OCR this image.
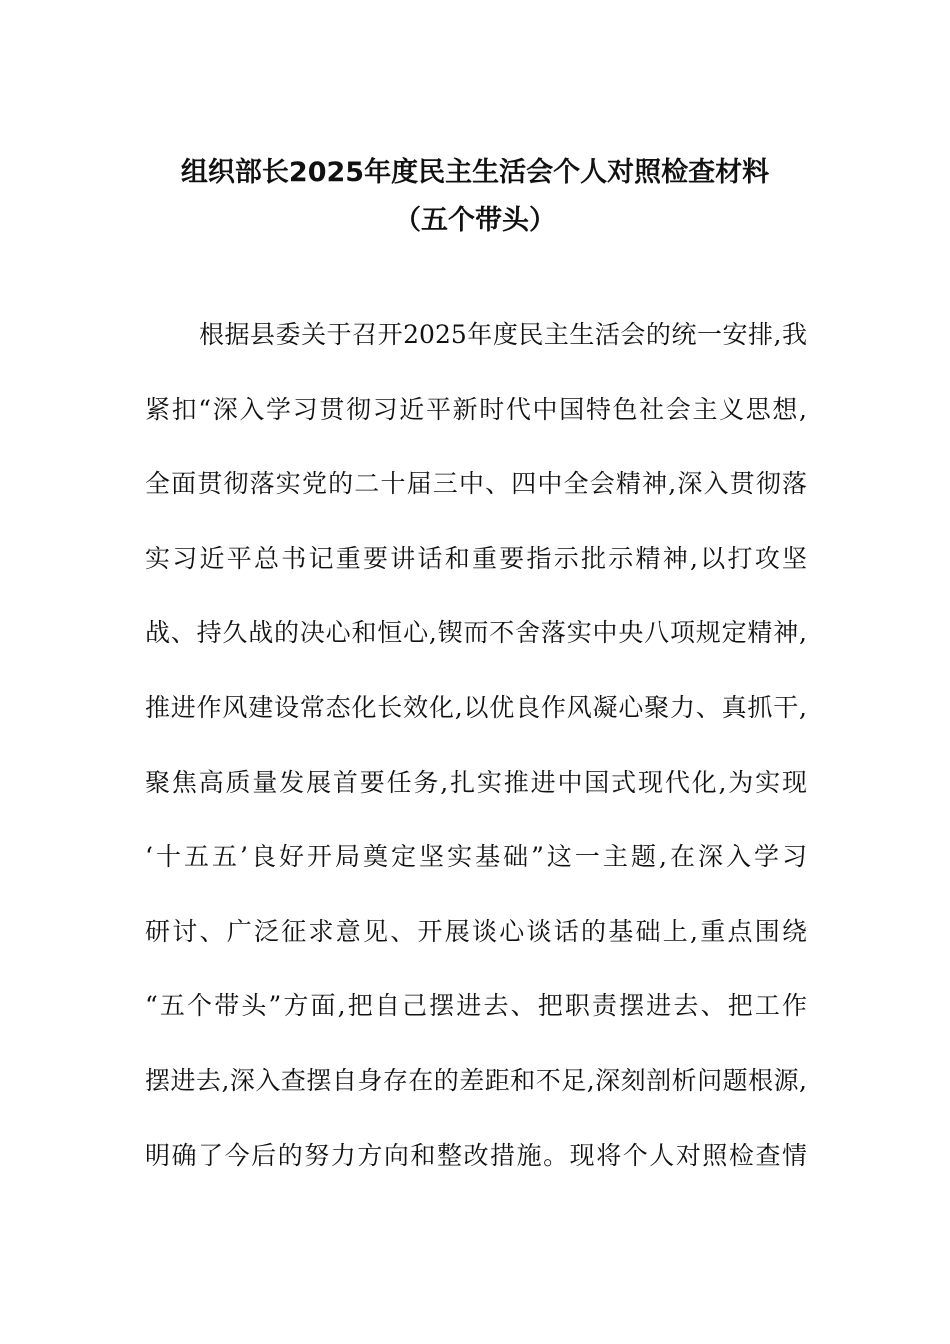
组织部长2025年度民主生活会个人对照检查材料
（五个带头）
根据县委关于召开2025年度民主生活会的统一安排,我
紧扣“深入学习贯彻习近平新时代中国特色社会主义思想,
全面贯彻落实党的二十届三中、四中全会精神,深入贯彻落
实习近平总书记重要讲话和重要指示批示精神,以打攻坚
战、持久战的决心和恒心,锲而不舍落实中央八项规定精神,
推进作风建设常态化长效化,以优良作风凝心聚力、真抓干,
聚焦高质量发展首要任务,扎实推进中国式现代化,为实现
‘十五五’良好开局奠定坚实基础”这一主题,在深入学习
研讨、广泛征求意见、开展谈心谈话的基础上,重点围绕
“五个带头”方面,把自己摆进去、把职责摆进去、把工作
摆进去,深入查摆自身存在的差距和不足,深刻剖析问题根源,
明确了今后的努力方向和整改措施。现将个人对照检查情
